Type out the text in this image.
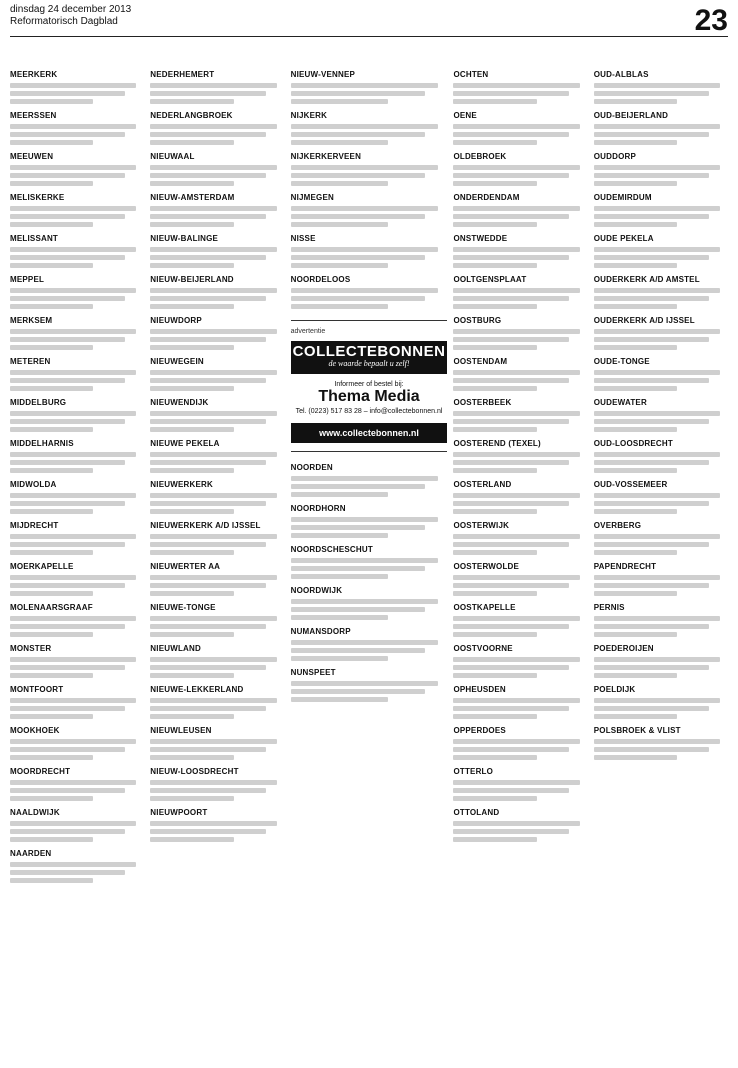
dinsdag 24 december 2013
Reformatorisch Dagblad	23
MEERKERK
MEERSSEN
MEEUWEN
MELISKERKE
MELISSANT
MEPPEL
MERKSEM
METEREN
MIDDELBURG
MIDDELHARNIS
MIDWOLDA
MIJDRECHT
MOERKAPELLE
MOLENAARSGRAAF
MONSTER
MONTFOORT
MOOKHOEK
MOORDRECHT
NAALDWIJK
NAARDEN
NEDERHEMERT
NEDERLANGBROEK
NIEUWAAL
NIEUW-AMSTERDAM
NIEUW-BALINGE
NIEUW-BEIJERLAND
NIEUWDORP
NIEUWEGEIN
NIEUWENDIJK
NIEUWE PEKELA
NIEUWERKERK
NIEUWERKERK A/D IJSSEL
NIEUWERTER AA
NIEUWE-TONGE
NIEUWLAND
NIEUWE-LEKKERLAND
NIEUWLEUSEN
NIEUW-LOOSDRECHT
NIEUWPOORT
NIEUW-VENNEP
NIJKERK
NIJKERKERVEEN
NIJMEGEN
NISSE
NOORDELOOS
advertentie
COLLECTEBONNEN
de waarde bepaalt u zelf!
Informeer of bestel bij:
Thema Media
Tel. (0223) 517 83 28 – info@collectebonnen.nl
www.collectebonnen.nl
NOORDEN
NOORDHORN
NOORDSCHESCHUT
NOORDWIJK
NUMANSDORP
NUNSPEET
OCHTEN
OENE
OLDEBROEK
ONDERDENDAM
ONSTWEDDE
OOLTGENSPLAAT
OOSTBURG
OOSTENDAM
OOSTERBEEK
OOSTEREND (TEXEL)
OOSTERLAND
OOSTERWIJK
OOSTERWOLDE
OOSTKAPELLE
OOSTVOORNE
OPHEUSDEN
OPPERDOES
OTTERLO
OTTOLAND
OUD-ALBLAS
OUD-BEIJERLAND
OUDDORP
OUDEMIRDUM
OUDE PEKELA
OUDERKERK A/D AMSTEL
OUDERKERK A/D IJSSEL
OUDE-TONGE
OUDEWATER
OUD-LOOSDRECHT
OUD-VOSSEMEER
OVERBERG
PAPENDRECHT
PERNIS
POEDEROIJEN
POELDIJK
POLSBROEK & VLIST
